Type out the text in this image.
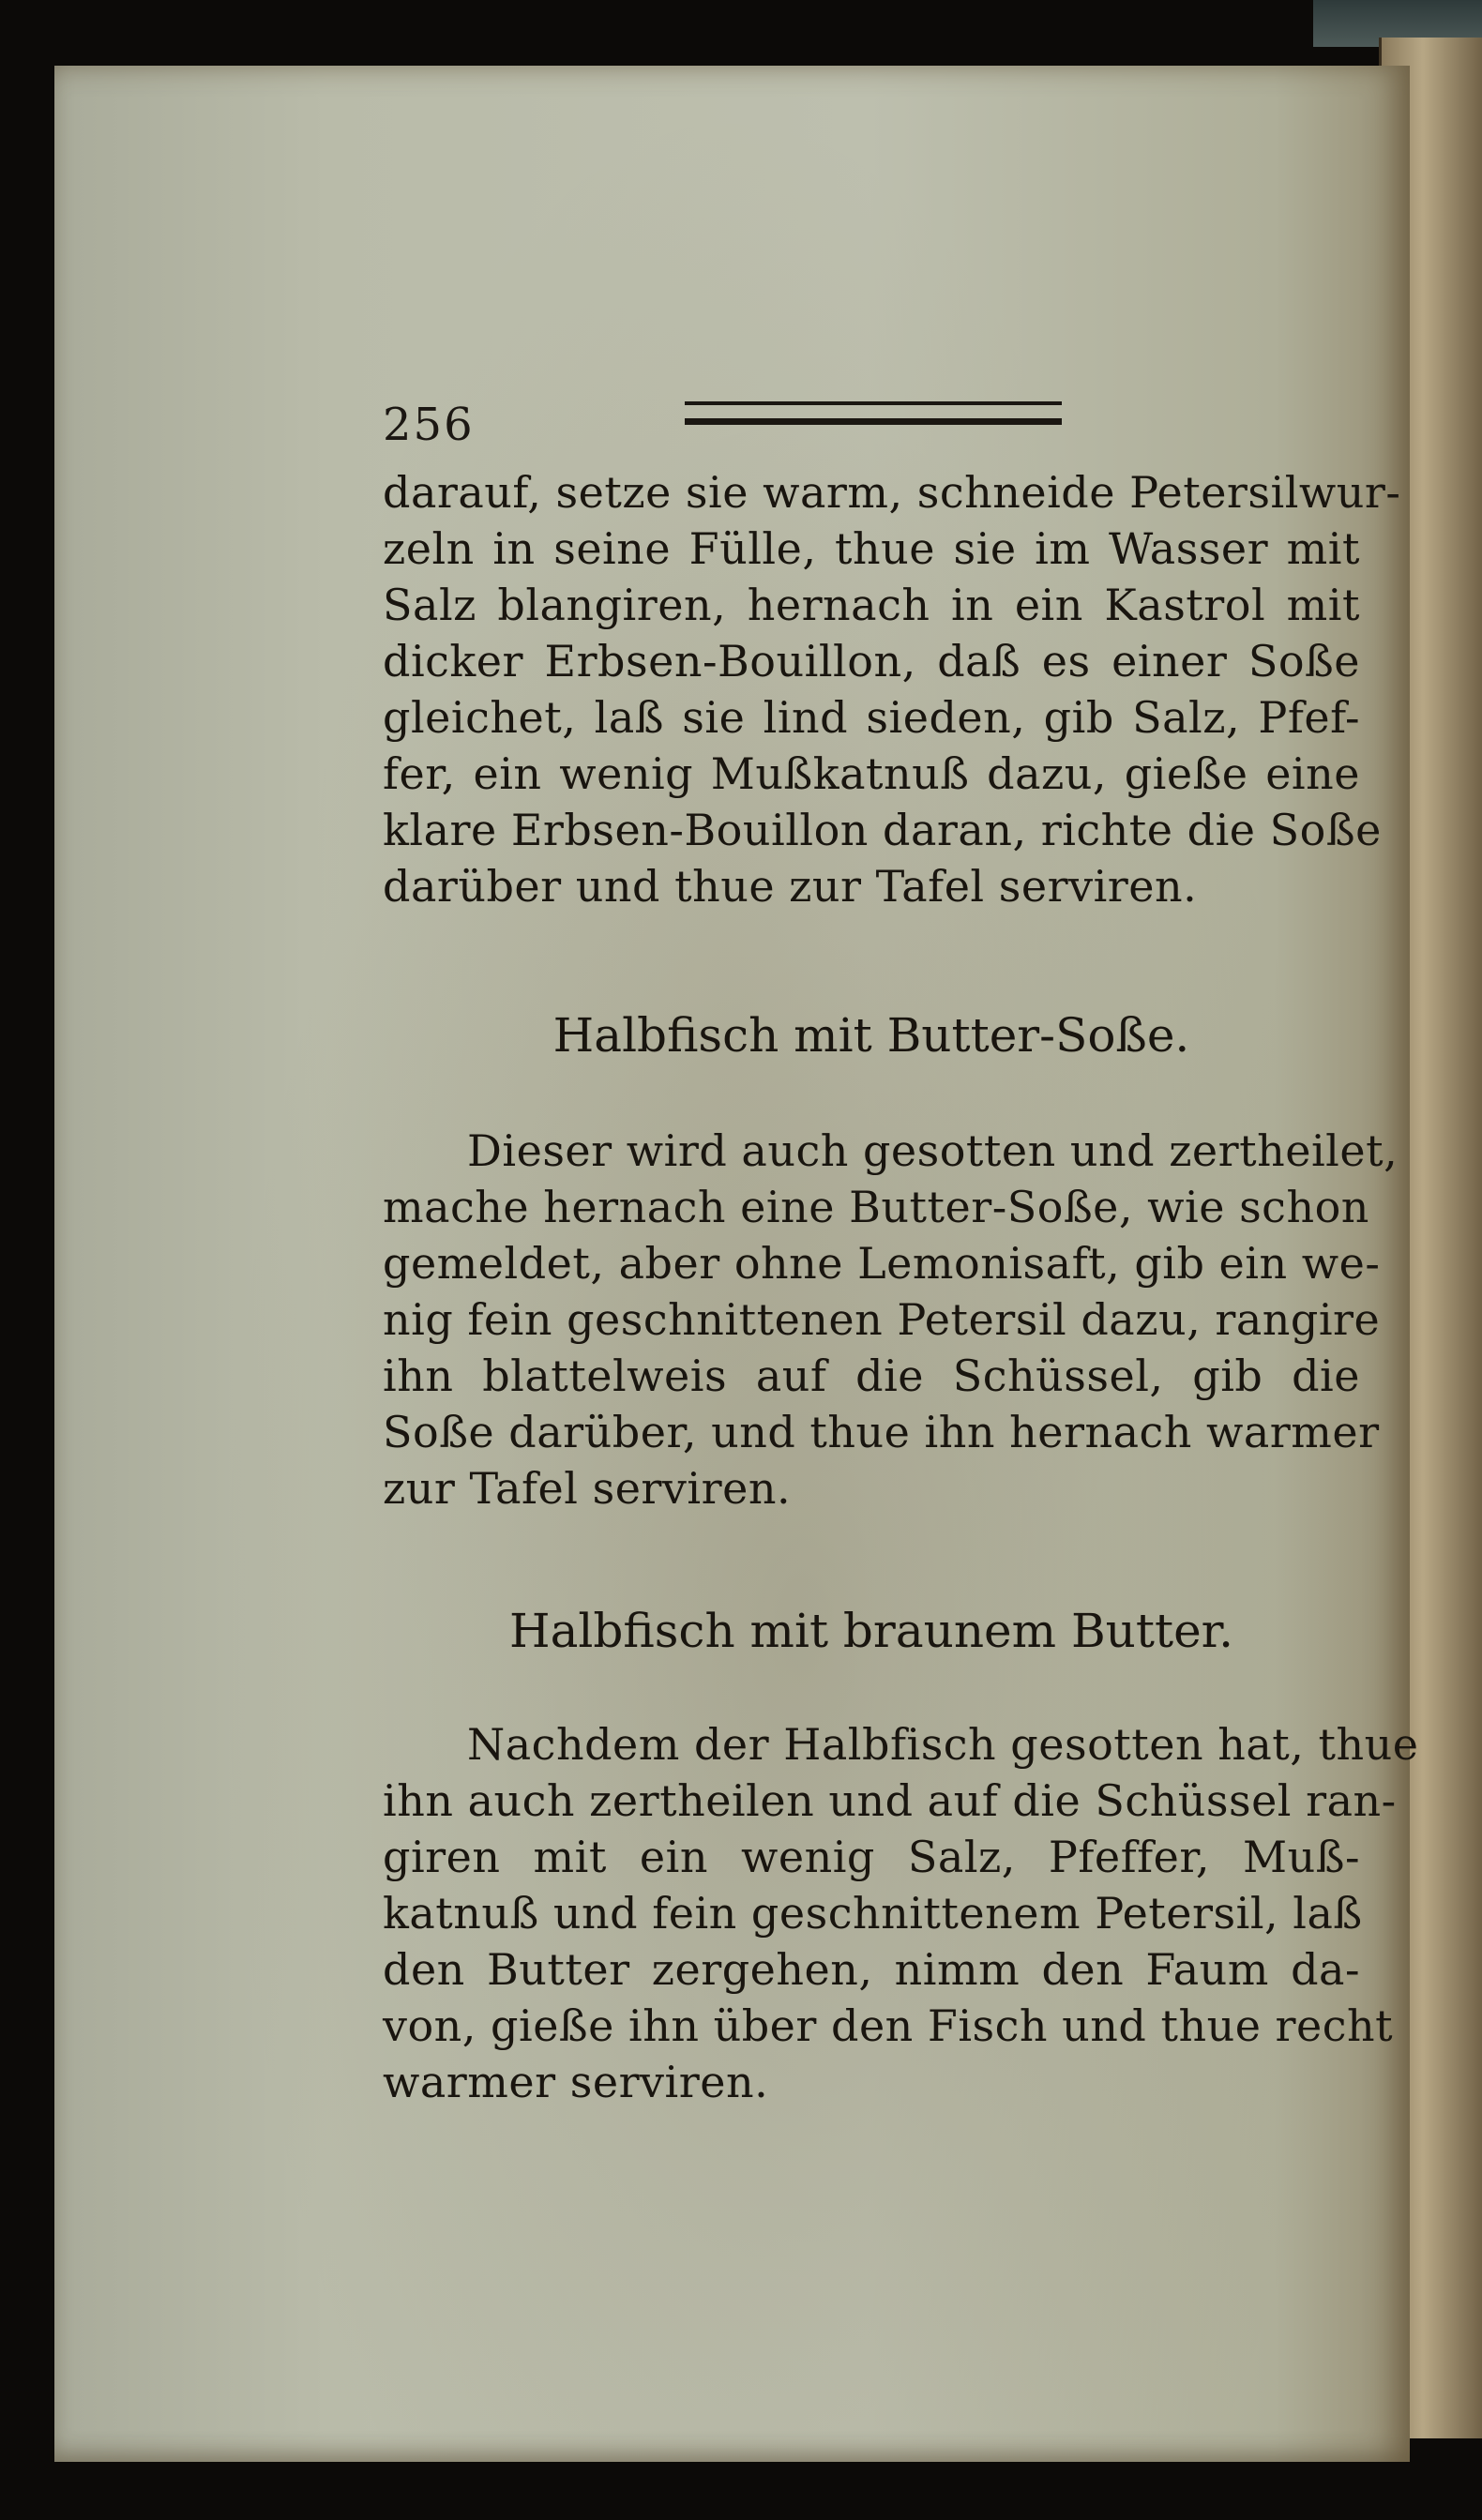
256
darauf, setze sie warm, schneide Petersilwur-
zeln in seine Fülle, thue sie im Wasser mit
Salz blangiren, hernach in ein Kastrol mit
dicker Erbsen-Bouillon, daß es einer Soße
gleichet, laß sie lind sieden, gib Salz, Pfef-
fer, ein wenig Mußkatnuß dazu, gieße eine
klare Erbsen-Bouillon daran, richte die Soße
darüber und thue zur Tafel serviren.
Halbfisch mit Butter-Soße.
Dieser wird auch gesotten und zertheilet,
mache hernach eine Butter-Soße, wie schon
gemeldet, aber ohne Lemonisaft, gib ein we-
nig fein geschnittenen Petersil dazu, rangire
ihn blattelweis auf die Schüssel, gib die
Soße darüber, und thue ihn hernach warmer
zur Tafel serviren.
Halbfisch mit braunem Butter.
Nachdem der Halbfisch gesotten hat, thue
ihn auch zertheilen und auf die Schüssel ran-
giren mit ein wenig Salz, Pfeffer, Muß-
katnuß und fein geschnittenem Petersil, laß
den Butter zergehen, nimm den Faum da-
von, gieße ihn über den Fisch und thue recht
warmer serviren.
